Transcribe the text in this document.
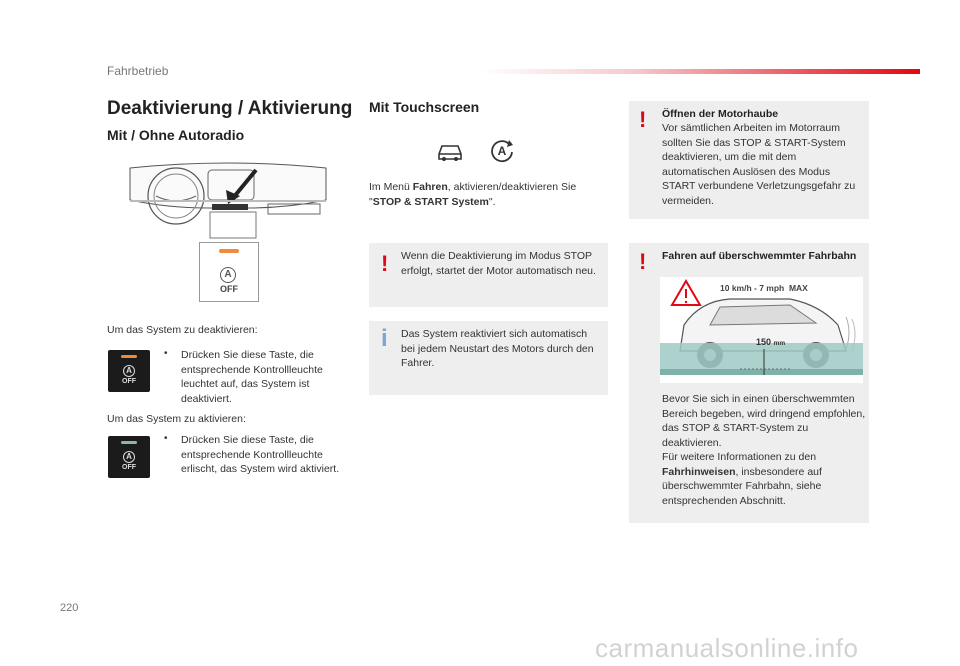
Fahrbetrieb
Deaktivierung / Aktivierung
Mit / Ohne Autoradio
A
OFF
Um das System zu deaktivieren:
A
OFF
• Drücken Sie diese Taste, die entsprechende Kontrollleuchte leuchtet auf, das System ist deaktiviert.
Um das System zu aktivieren:
A
OFF
• Drücken Sie diese Taste, die entsprechende Kontrollleuchte erlischt, das System wird aktiviert.
Mit Touchscreen
A
Im Menü Fahren, aktivieren/deaktivieren Sie "STOP & START System".
! Wenn die Deaktivierung im Modus STOP erfolgt, startet der Motor automatisch neu.
i Das System reaktiviert sich automatisch bei jedem Neustart des Motors durch den Fahrer.
! Öffnen der Motorhaube
Vor sämtlichen Arbeiten im Motorraum sollten Sie das STOP & START-System deaktivieren, um die mit dem automatischen Auslösen des Modus START verbundene Verletzungsgefahr zu vermeiden.
! Fahren auf überschwemmter Fahrbahn
10 km/h - 7 mph  MAX
150 mm
Bevor Sie sich in einen überschwemmten Bereich begeben, wird dringend empfohlen, das STOP & START-System zu deaktivieren.
Für weitere Informationen zu den Fahrhinweisen, insbesondere auf überschwemmter Fahrbahn, siehe entsprechenden Abschnitt.
220
carmanualsonline.info
